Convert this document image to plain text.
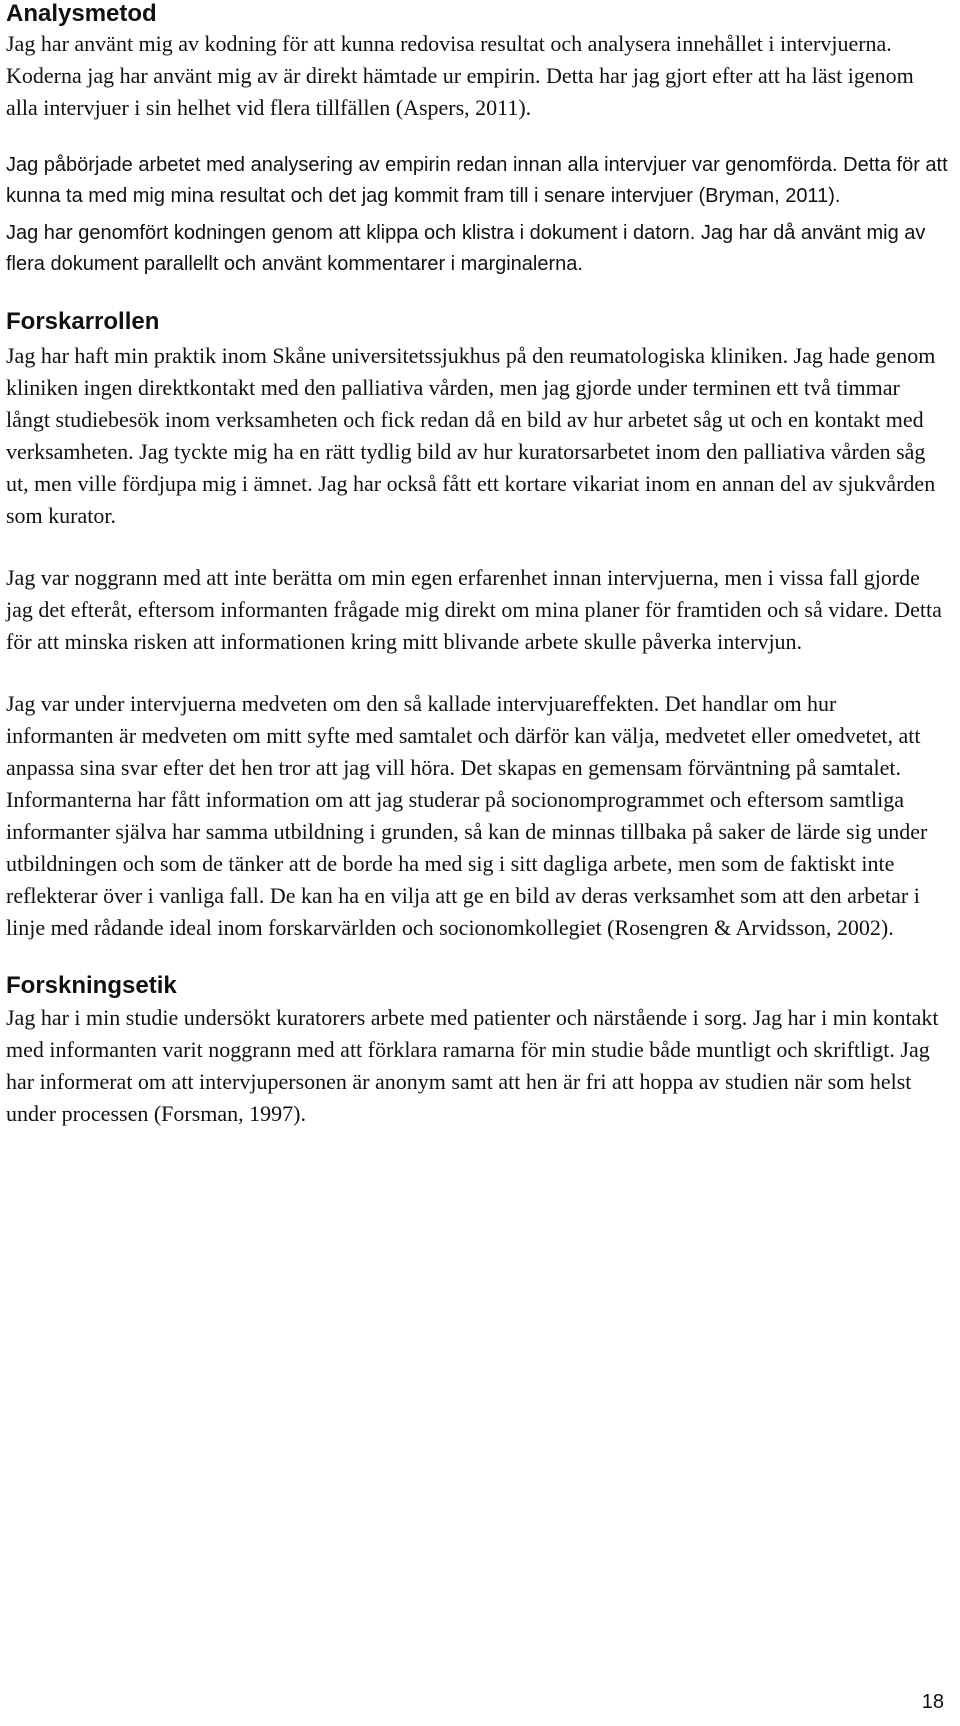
Analysmetod

Jag har använt mig av kodning för att kunna redovisa resultat och analysera innehållet i intervjuerna. Koderna jag har använt mig av är direkt hämtade ur empirin. Detta har jag gjort efter att ha läst igenom alla intervjuer i sin helhet vid flera tillfällen (Aspers, 2011).

Jag påbörjade arbetet med analysering av empirin redan innan alla intervjuer var genomförda. Detta för att kunna ta med mig mina resultat och det jag kommit fram till i senare intervjuer (Bryman, 2011).

Jag har genomfört kodningen genom att klippa och klistra i dokument i datorn. Jag har då använt mig av flera dokument parallellt och använt kommentarer i marginalerna.

Forskarrollen

Jag har haft min praktik inom Skåne universitetssjukhus på den reumatologiska kliniken. Jag hade genom kliniken ingen direktkontakt med den palliativa vården, men jag gjorde under terminen ett två timmar långt studiebesök inom verksamheten och fick redan då en bild av hur arbetet såg ut och en kontakt med verksamheten. Jag tyckte mig ha en rätt tydlig bild av hur kuratorsarbetet inom den palliativa vården såg ut, men ville fördjupa mig i ämnet. Jag har också fått ett kortare vikariat inom en annan del av sjukvården som kurator.

Jag var noggrann med att inte berätta om min egen erfarenhet innan intervjuerna, men i vissa fall gjorde jag det efteråt, eftersom informanten frågade mig direkt om mina planer för framtiden och så vidare. Detta för att minska risken att informationen kring mitt blivande arbete skulle påverka intervjun.

Jag var under intervjuerna medveten om den så kallade intervjuareffekten. Det handlar om hur informanten är medveten om mitt syfte med samtalet och därför kan välja, medvetet eller omedvetet, att anpassa sina svar efter det hen tror att jag vill höra. Det skapas en gemensam förväntning på samtalet. Informanterna har fått information om att jag studerar på socionomprogrammet och eftersom samtliga informanter själva har samma utbildning i grunden, så kan de minnas tillbaka på saker de lärde sig under utbildningen och som de tänker att de borde ha med sig i sitt dagliga arbete, men som de faktiskt inte reflekterar över i vanliga fall. De kan ha en vilja att ge en bild av deras verksamhet som att den arbetar i linje med rådande ideal inom forskarvärlden och socionomkollegiet (Rosengren & Arvidsson, 2002).

Forskningsetik

Jag har i min studie undersökt kuratorers arbete med patienter och närstående i sorg. Jag har i min kontakt med informanten varit noggrann med att förklara ramarna för min studie både muntligt och skriftligt. Jag har informerat om att intervjupersonen är anonym samt att hen är fri att hoppa av studien när som helst under processen (Forsman, 1997).

18
